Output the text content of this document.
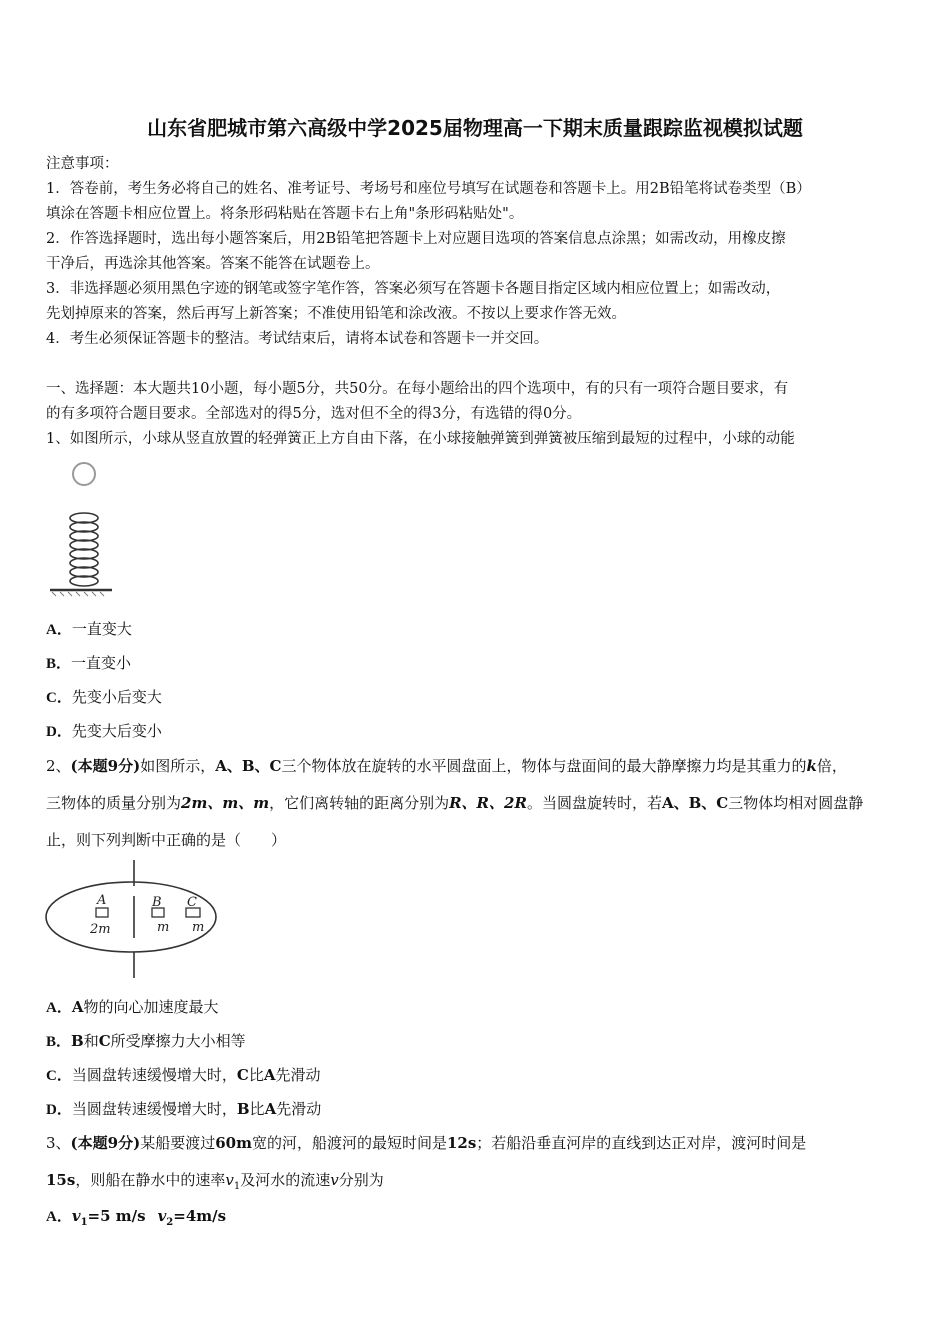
山东省肥城市第六高级中学2025届物理高一下期末质量跟踪监视模拟试题
注意事项：
1．答卷前，考生务必将自己的姓名、准考证号、考场号和座位号填写在试题卷和答题卡上。用2B铅笔将试卷类型（B）
填涂在答题卡相应位置上。将条形码粘贴在答题卡右上角"条形码粘贴处"。
2．作答选择题时，选出每小题答案后，用2B铅笔把答题卡上对应题目选项的答案信息点涂黑；如需改动，用橡皮擦
干净后，再选涂其他答案。答案不能答在试题卷上。
3．非选择题必须用黑色字迹的钢笔或签字笔作答，答案必须写在答题卡各题目指定区域内相应位置上；如需改动，
先划掉原来的答案，然后再写上新答案；不准使用铅笔和涂改液。不按以上要求作答无效。
4．考生必须保证答题卡的整洁。考试结束后，请将本试卷和答题卡一并交回。
一、选择题：本大题共10小题，每小题5分，共50分。在每小题给出的四个选项中，有的只有一项符合题目要求，有
的有多项符合题目要求。全部选对的得5分，选对但不全的得3分，有选错的得0分。
1、如图所示，小球从竖直放置的轻弹簧正上方自由下落，在小球接触弹簧到弹簧被压缩到最短的过程中，小球的动能
A．一直变大
B．一直变小
C．先变小后变大
D．先变大后变小
2、(本题9分)如图所示，A、B、C三个物体放在旋转的水平圆盘面上，物体与盘面间的最大静摩擦力均是其重力的k倍，
三物体的质量分别为2m、m、m，它们离转轴的距离分别为R、R、2R。当圆盘旋转时，若A、B、C三物体均相对圆盘静
止，则下列判断中正确的是（　　）
A	B C
2m	m m
A．A物的向心加速度最大
B．B和C所受摩擦力大小相等
C．当圆盘转速缓慢增大时，C比A先滑动
D．当圆盘转速缓慢增大时，B比A先滑动
3、(本题9分)某船要渡过60m宽的河，船渡河的最短时间是12s；若船沿垂直河岸的直线到达正对岸，渡河时间是
15s，则船在静水中的速率$v_1$及河水的流速v分别为
A．$v_1=5$ m/s $v_2=4m/s$
